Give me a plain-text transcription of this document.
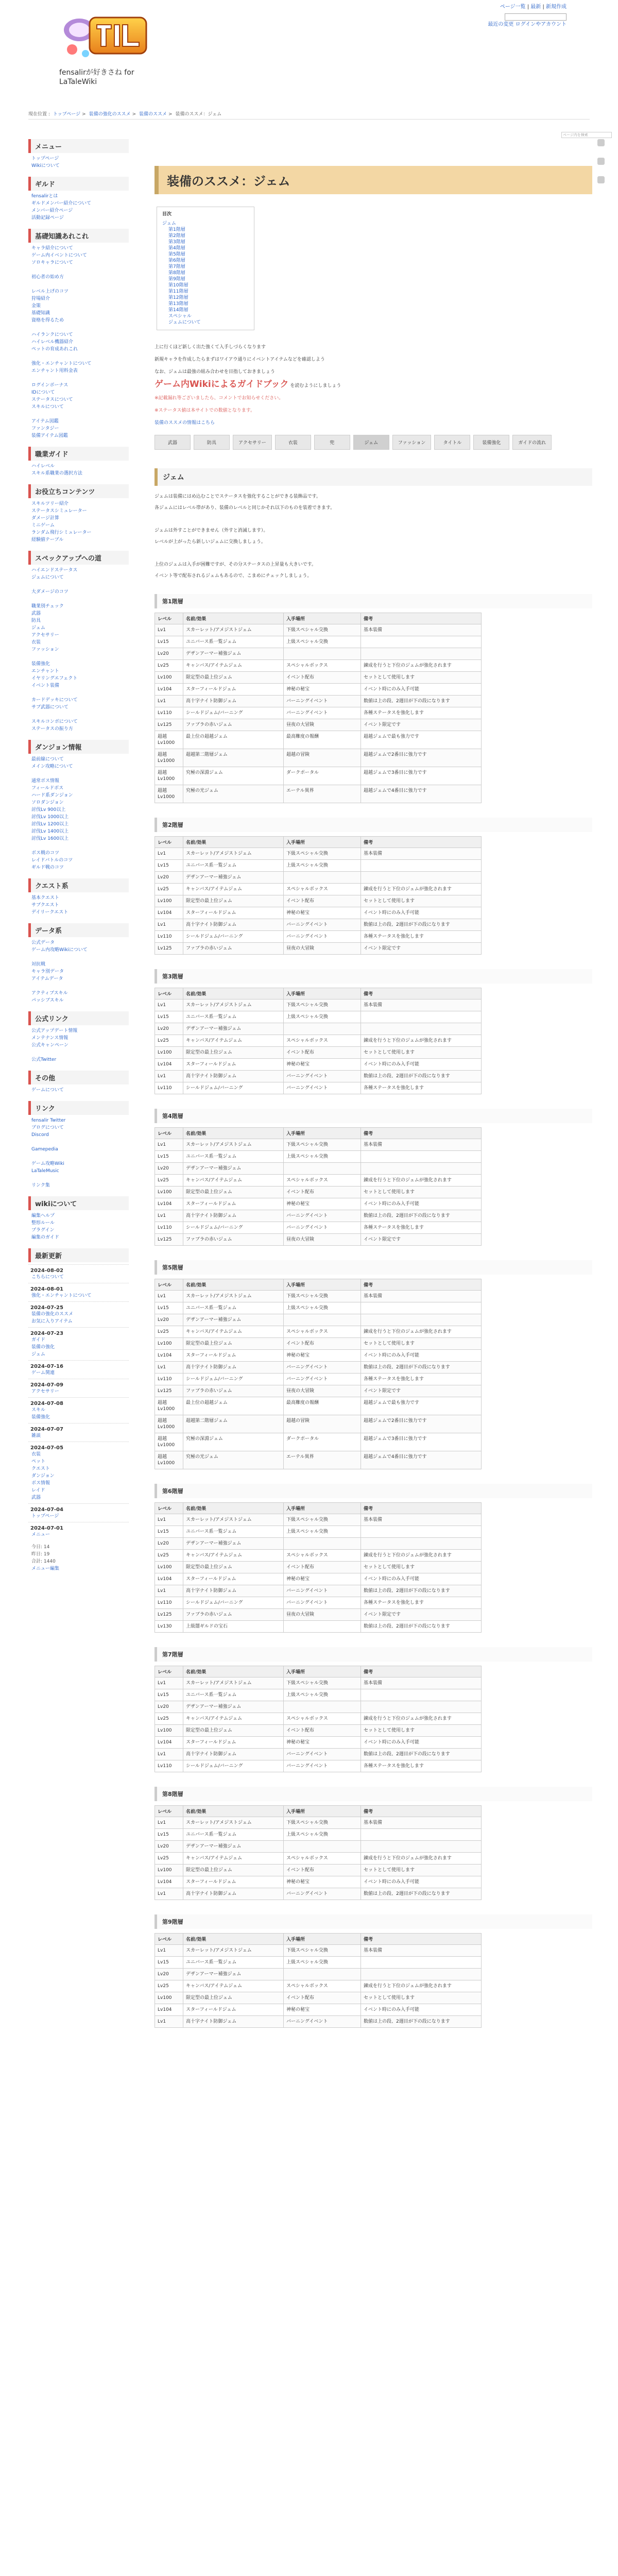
fensalirが好きさね for LaTaleWiki
ページ一覧 | 最新 | 新規作成
最近の変更 ログインやアカウント
現在位置 : トップページ > 装備の強化のススメ > 装備のススメ > 装備のススメ：ジェム
ページ内を検索
メニュー
トップページ
Wikiについて
ギルド
fensalirとは
ギルドメンバー紹介について
メンバー紹介ページ
活動記録ページ
基礎知識あれこれ
キャラ紹介について
ゲーム内イベントについて
ソロキャラについて

初心者の始め方

レベル上げのコツ
狩場紹介
金策
基礎知識
資格を得るため

ハイランクについて
ハイレベル機器紹介
ペットの育成あれこれ

強化・エンチャントについて
エンチャント用料金表

ログインボーナス
IDについて
ステータスについて
スキルについて

アイテム図鑑
ファンタジー
装備アイテム図鑑
職業ガイド
ハイレベル
スキル系職業の選択方法
お役立ちコンテンツ
スキルツリー紹介
ステータスシミュレーター
ダメージ計算
ミニゲーム
ランダム飛行シミュレーター
経験値テーブル
スペックアップへの道
ハイエンドステータス
ジェムについて

大ダメージのコツ

職業別チェック
武器
防具
ジェム
アクセサリー
衣装
ファッション

装備強化
エンチャント
イヤリングエフェクト
イベント装備

カードデッキについて
サブ武器について

スキルコンボについて
ステータスの振り方
ダンジョン情報
最前線について
メイン攻略について

通常ボス情報
フィールドボス
ハード系ダンジョン
ソロダンジョン
討伐Lv 900以上
討伐Lv 1000以上
討伐Lv 1200以上
討伐Lv 1400以上
討伐Lv 1600以上

ボス戦のコツ
レイドバトルのコツ
ギルド戦のコツ
クエスト系
基本クエスト
サブクエスト
デイリークエスト
データ系
公式データ
ゲーム内攻略Wikiについて

対抗戦
キャラ別データ
アイテムデータ

アクティブスキル
パッシブスキル
公式リンク
公式アップデート情報
メンテナンス情報
公式キャンペーン

公式Twitter
その他
ゲームについて
リンク
fensalir Twitter
ブログについて
Discord

Gamepedia

ゲーム攻略Wiki
LaTaleMusic

リンク集
wikiについて
編集ヘルプ
整形ルール
プラグイン
編集のガイド
最新更新
2024-08-02
こちらについて
2024-08-01
強化・エンチャントについて
2024-07-25
装備の強化のススメ
お気に入りアイテム
2024-07-23
ガイド
装備の強化
ジェム
2024-07-16
ゲーム関連
2024-07-09
アクセサリー
2024-07-08
スキル
装備強化
2024-07-07
雑談
2024-07-05
衣装
ペット
クエスト
ダンジョン
ボス情報
レイド
武器
2024-07-04
トップページ
2024-07-01
メニュー
今日: 14
昨日: 19
合計: 1440
メニュー編集
装備のススメ：ジェム
目次
ジェム
第1階層
第2階層
第3階層
第4階層
第5階層
第6階層
第7階層
第8階層
第9階層
第10階層
第11階層
第12階層
第13階層
第14階層
スペシャル
ジェムについて

上に行くほど新しく出た強くて入手しづらくなります

新規キャラを作成したらまずはワイアウ通りにイベントアイテムなどを確認しよう

なお、ジェムは最強の組み合わせを目指しておきましょう

ゲーム内Wikiによるガイドブック を読むようにしましょう

※記載漏れ等ございましたら、コメントでお知らせください。

※ステータス値は本サイトでの数値となります。

装備のススメの情報はこちら

武器	防具	アクセサリー	衣装	兜	ジェム	ファッション	タイトル	装備強化	ガイドの流れ
ジェム

ジェムは装備にはめ込むことでステータスを強化することができる装飾品です。

各ジェムにはレベル帯があり、装備のレベルと同じかそれ以下のものを装着できます。

ジェムは外すことができません（外すと消滅します）。

レベルが上がったら新しいジェムに交換しましょう。

上位のジェムは入手が困難ですが、その分ステータスの上昇量も大きいです。

イベント等で配布されるジェムもあるので、こまめにチェックしましょう。

第1階層
レベル	名前/効果	入手場所	備考
Lv1	スカーレット/アメジストジェム	下級スペシャル交換	基本装備
Lv15	ユニバース系一覧ジェム	上級スペシャル交換	
Lv20	デザンアーマー補強ジェム		
Lv25	キャンバス/アイテムジェム	スペシャルボックス	錬成を行うと下位のジェムが強化されます
Lv100	限定型の最上位ジェム	イベント配布	セットとして使用します
Lv104	スターフィールドジェム	神秘の秘宝	イベント時にのみ入手可能
Lv1	高十字ナイト防御ジェム	バーニングイベント	数値は上の段、2週目が下の段になります
Lv110	シールドジェム/バーニング	バーニングイベント	各種ステータスを強化します
Lv125	ファブラの赤いジェム	昼夜の大冒険	イベント限定です
超越Lv1000	最上位の超越ジェム	最高難度の報酬	超越ジェムで最も強力です
超越Lv1000	超越第二階層ジェム	超越の冒険	超越ジェムで2番目に強力です
超越Lv1000	究極の深淵ジェム	ダークポータル	超越ジェムで3番目に強力です
超越Lv1000	究極の光ジェム	エーテル異界	超越ジェムで4番目に強力です
第2階層
レベル	名前/効果	入手場所	備考
Lv1	スカーレット/アメジストジェム	下級スペシャル交換	基本装備
Lv15	ユニバース系一覧ジェム	上級スペシャル交換	
Lv20	デザンアーマー補強ジェム		
Lv25	キャンバス/アイテムジェム	スペシャルボックス	錬成を行うと下位のジェムが強化されます
Lv100	限定型の最上位ジェム	イベント配布	セットとして使用します
Lv104	スターフィールドジェム	神秘の秘宝	イベント時にのみ入手可能
Lv1	高十字ナイト防御ジェム	バーニングイベント	数値は上の段、2週目が下の段になります
Lv110	シールドジェム/バーニング	バーニングイベント	各種ステータスを強化します
Lv125	ファブラの赤いジェム	昼夜の大冒険	イベント限定です
第3階層
レベル	名前/効果	入手場所	備考
Lv1	スカーレット/アメジストジェム	下級スペシャル交換	基本装備
Lv15	ユニバース系一覧ジェム	上級スペシャル交換	
Lv20	デザンアーマー補強ジェム		
Lv25	キャンバス/アイテムジェム	スペシャルボックス	錬成を行うと下位のジェムが強化されます
Lv100	限定型の最上位ジェム	イベント配布	セットとして使用します
Lv104	スターフィールドジェム	神秘の秘宝	イベント時にのみ入手可能
Lv1	高十字ナイト防御ジェム	バーニングイベント	数値は上の段、2週目が下の段になります
Lv110	シールドジェム/バーニング	バーニングイベント	各種ステータスを強化します
第4階層
レベル	名前/効果	入手場所	備考
Lv1	スカーレット/アメジストジェム	下級スペシャル交換	基本装備
Lv15	ユニバース系一覧ジェム	上級スペシャル交換	
Lv20	デザンアーマー補強ジェム		
Lv25	キャンバス/アイテムジェム	スペシャルボックス	錬成を行うと下位のジェムが強化されます
Lv100	限定型の最上位ジェム	イベント配布	セットとして使用します
Lv104	スターフィールドジェム	神秘の秘宝	イベント時にのみ入手可能
Lv1	高十字ナイト防御ジェム	バーニングイベント	数値は上の段、2週目が下の段になります
Lv110	シールドジェム/バーニング	バーニングイベント	各種ステータスを強化します
Lv125	ファブラの赤いジェム	昼夜の大冒険	イベント限定です
第5階層
レベル	名前/効果	入手場所	備考
Lv1	スカーレット/アメジストジェム	下級スペシャル交換	基本装備
Lv15	ユニバース系一覧ジェム	上級スペシャル交換	
Lv20	デザンアーマー補強ジェム		
Lv25	キャンバス/アイテムジェム	スペシャルボックス	錬成を行うと下位のジェムが強化されます
Lv100	限定型の最上位ジェム	イベント配布	セットとして使用します
Lv104	スターフィールドジェム	神秘の秘宝	イベント時にのみ入手可能
Lv1	高十字ナイト防御ジェム	バーニングイベント	数値は上の段、2週目が下の段になります
Lv110	シールドジェム/バーニング	バーニングイベント	各種ステータスを強化します
Lv125	ファブラの赤いジェム	昼夜の大冒険	イベント限定です
超越Lv1000	最上位の超越ジェム	最高難度の報酬	超越ジェムで最も強力です
超越Lv1000	超越第二階層ジェム	超越の冒険	超越ジェムで2番目に強力です
超越Lv1000	究極の深淵ジェム	ダークポータル	超越ジェムで3番目に強力です
超越Lv1000	究極の光ジェム	エーテル異界	超越ジェムで4番目に強力です
第6階層
レベル	名前/効果	入手場所	備考
Lv1	スカーレット/アメジストジェム	下級スペシャル交換	基本装備
Lv15	ユニバース系一覧ジェム	上級スペシャル交換	
Lv20	デザンアーマー補強ジェム		
Lv25	キャンバス/アイテムジェム	スペシャルボックス	錬成を行うと下位のジェムが強化されます
Lv100	限定型の最上位ジェム	イベント配布	セットとして使用します
Lv104	スターフィールドジェム	神秘の秘宝	イベント時にのみ入手可能
Lv1	高十字ナイト防御ジェム	バーニングイベント	数値は上の段、2週目が下の段になります
Lv110	シールドジェム/バーニング	バーニングイベント	各種ステータスを強化します
Lv125	ファブラの赤いジェム	昼夜の大冒険	イベント限定です
Lv130	上級闇ギルドの宝石		数値は上の段、2週目が下の段になります
第7階層
レベル	名前/効果	入手場所	備考
Lv1	スカーレット/アメジストジェム	下級スペシャル交換	基本装備
Lv15	ユニバース系一覧ジェム	上級スペシャル交換	
Lv20	デザンアーマー補強ジェム		
Lv25	キャンバス/アイテムジェム	スペシャルボックス	錬成を行うと下位のジェムが強化されます
Lv100	限定型の最上位ジェム	イベント配布	セットとして使用します
Lv104	スターフィールドジェム	神秘の秘宝	イベント時にのみ入手可能
Lv1	高十字ナイト防御ジェム	バーニングイベント	数値は上の段、2週目が下の段になります
Lv110	シールドジェム/バーニング	バーニングイベント	各種ステータスを強化します
第8階層
レベル	名前/効果	入手場所	備考
Lv1	スカーレット/アメジストジェム	下級スペシャル交換	基本装備
Lv15	ユニバース系一覧ジェム	上級スペシャル交換	
Lv20	デザンアーマー補強ジェム		
Lv25	キャンバス/アイテムジェム	スペシャルボックス	錬成を行うと下位のジェムが強化されます
Lv100	限定型の最上位ジェム	イベント配布	セットとして使用します
Lv104	スターフィールドジェム	神秘の秘宝	イベント時にのみ入手可能
Lv1	高十字ナイト防御ジェム	バーニングイベント	数値は上の段、2週目が下の段になります
第9階層
レベル	名前/効果	入手場所	備考
Lv1	スカーレット/アメジストジェム	下級スペシャル交換	基本装備
Lv15	ユニバース系一覧ジェム	上級スペシャル交換	
Lv20	デザンアーマー補強ジェム		
Lv25	キャンバス/アイテムジェム	スペシャルボックス	錬成を行うと下位のジェムが強化されます
Lv100	限定型の最上位ジェム	イベント配布	セットとして使用します
Lv104	スターフィールドジェム	神秘の秘宝	イベント時にのみ入手可能
Lv1	高十字ナイト防御ジェム	バーニングイベント	数値は上の段、2週目が下の段になります
